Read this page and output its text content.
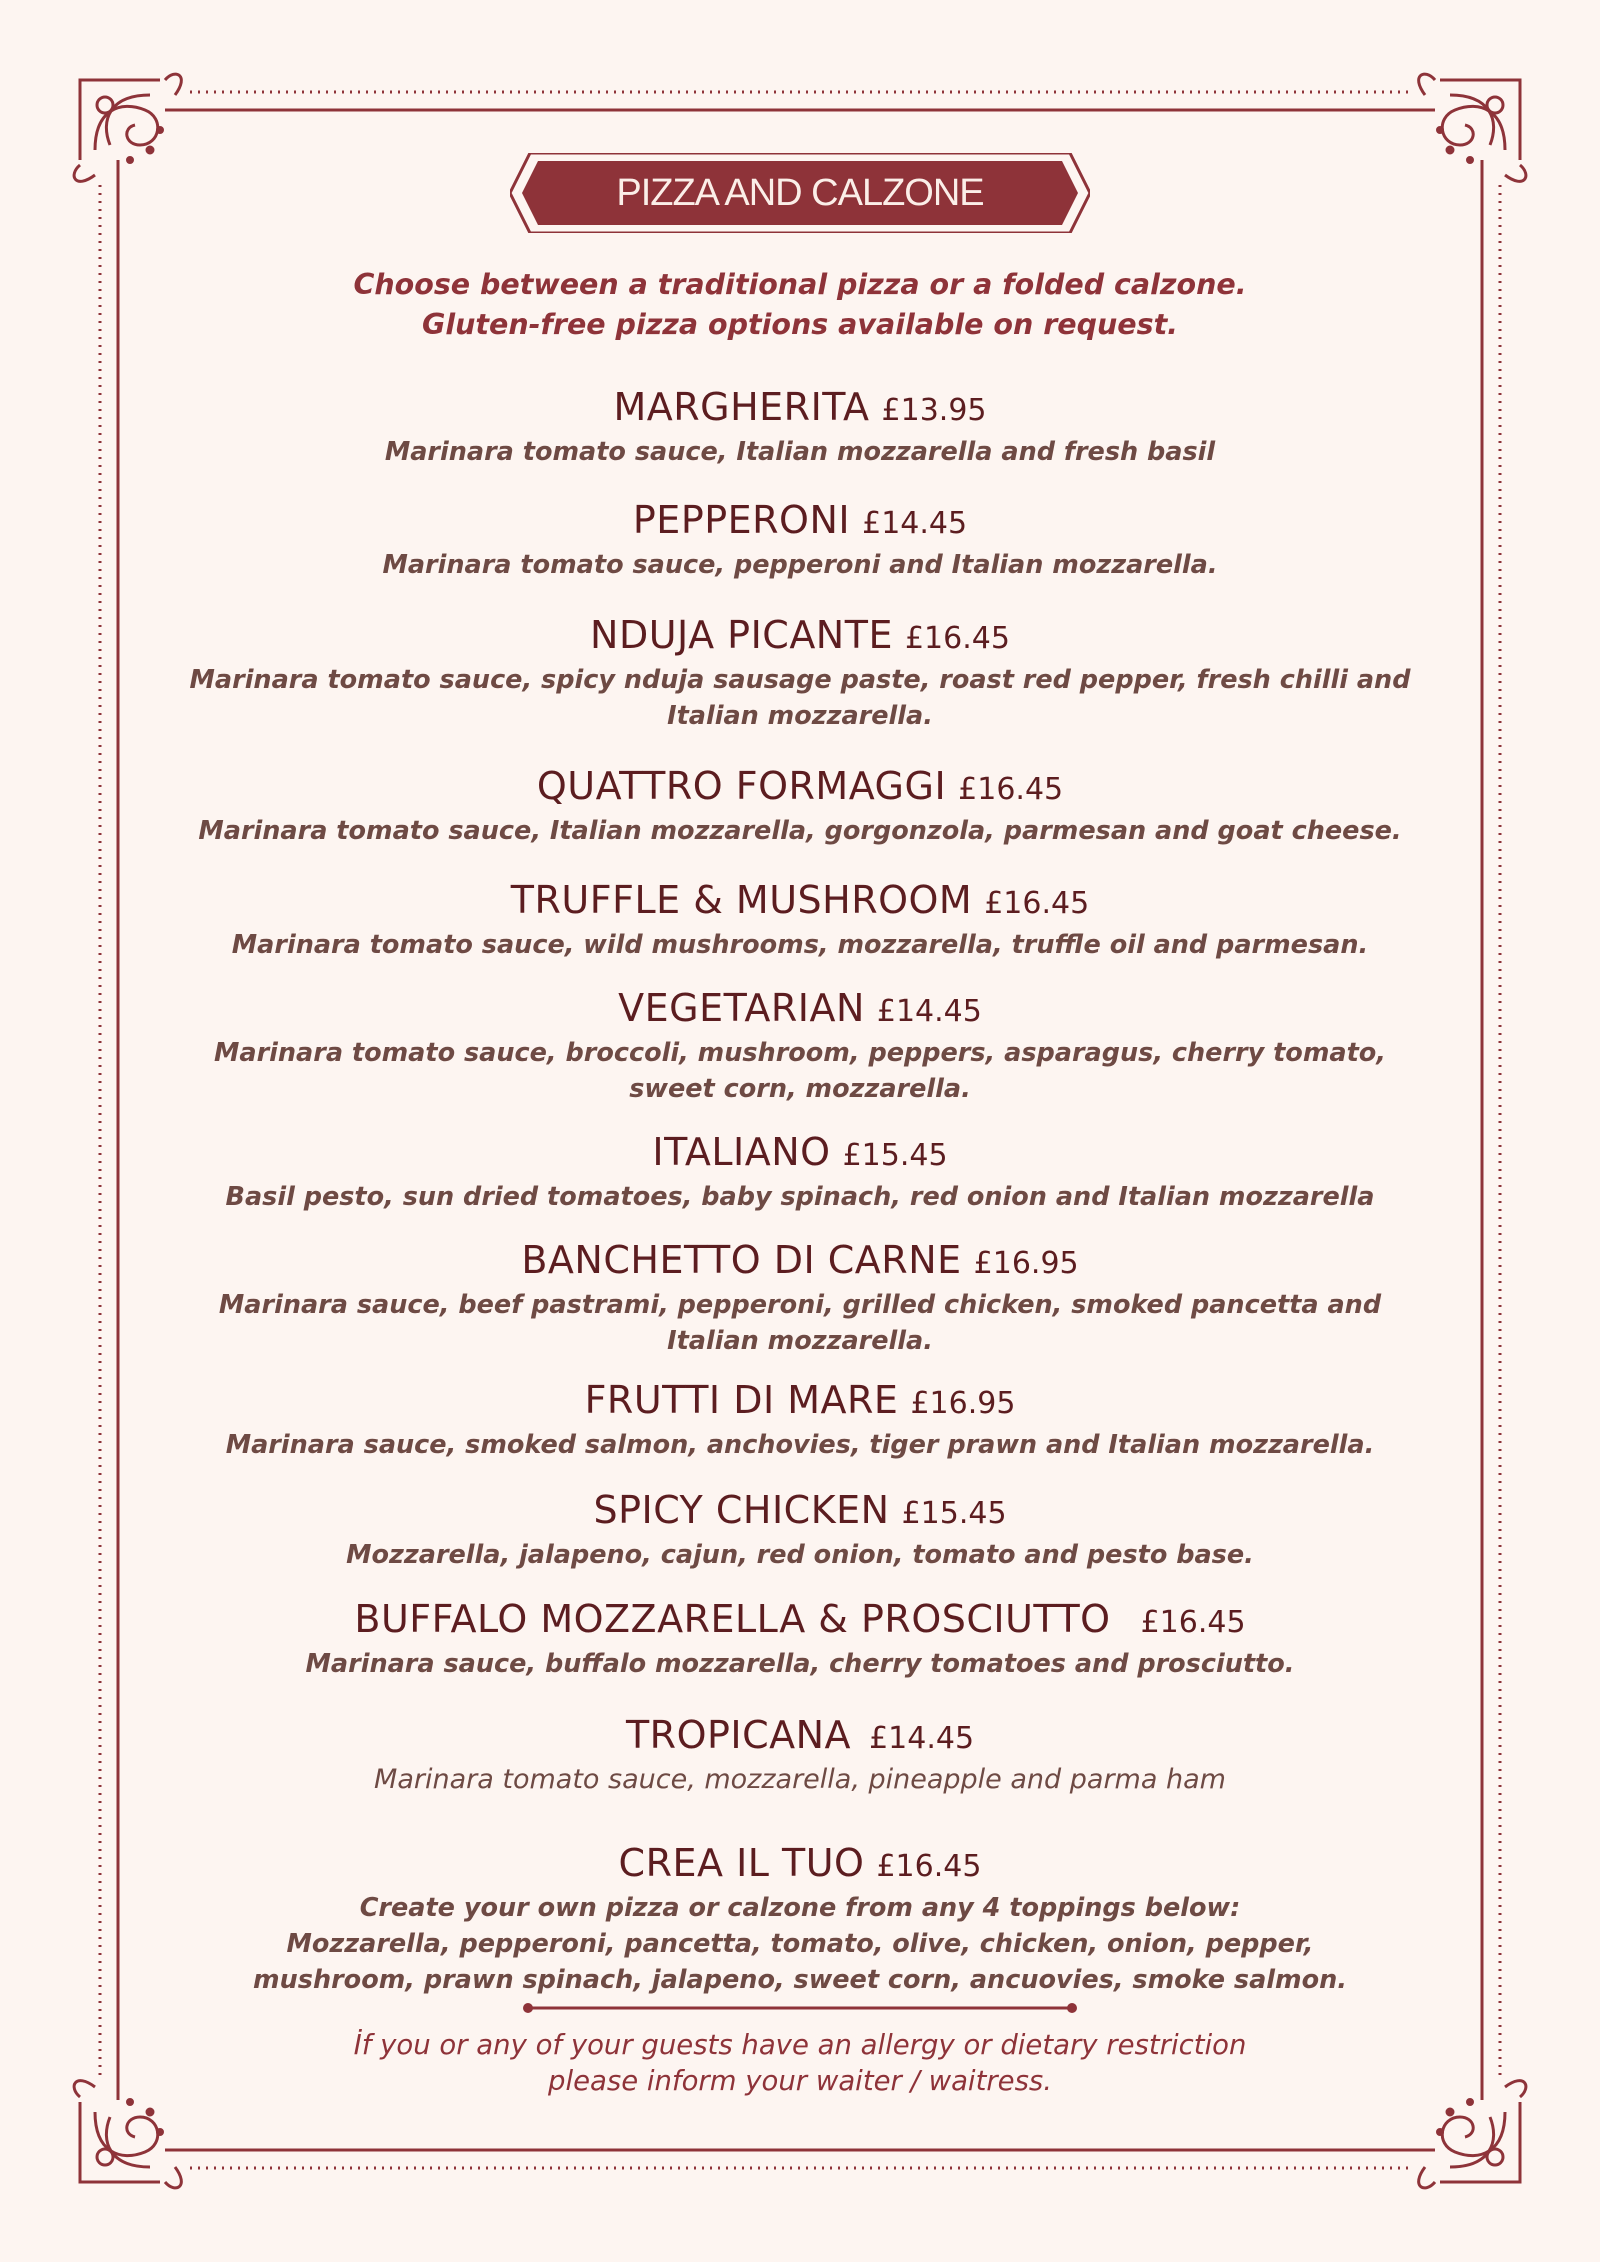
PIZZA AND CALZONE
Choose between a traditional pizza or a folded calzone.
Gluten-free pizza options available on request.
MARGHERITA £13.95
Marinara tomato sauce, Italian mozzarella and fresh basil
PEPPERONI £14.45
Marinara tomato sauce, pepperoni and Italian mozzarella.
NDUJA PICANTE £16.45
Marinara tomato sauce, spicy nduja sausage paste, roast red pepper, fresh chilli and
Italian mozzarella.
QUATTRO FORMAGGI £16.45
Marinara tomato sauce, Italian mozzarella, gorgonzola, parmesan and goat cheese.
TRUFFLE & MUSHROOM £16.45
Marinara tomato sauce, wild mushrooms, mozzarella, truffle oil and parmesan.
VEGETARIAN £14.45
Marinara tomato sauce, broccoli, mushroom, peppers, asparagus, cherry tomato,
sweet corn, mozzarella.
ITALIANO £15.45
Basil pesto, sun dried tomatoes, baby spinach, red onion and Italian mozzarella
BANCHETTO DI CARNE £16.95
Marinara sauce, beef pastrami, pepperoni, grilled chicken, smoked pancetta and
Italian mozzarella.
FRUTTI DI MARE £16.95
Marinara sauce, smoked salmon, anchovies, tiger prawn and Italian mozzarella.
SPICY CHICKEN £15.45
Mozzarella, jalapeno, cajun, red onion, tomato and pesto base.
BUFFALO MOZZARELLA & PROSCIUTTO £16.45
Marinara sauce, buffalo mozzarella, cherry tomatoes and prosciutto.
TROPICANA £14.45
Marinara tomato sauce, mozzarella, pineapple and parma ham
CREA IL TUO £16.45
Create your own pizza or calzone from any 4 toppings below:
Mozzarella, pepperoni, pancetta, tomato, olive, chicken, onion, pepper,
mushroom, prawn spinach, jalapeno, sweet corn, ancuovies, smoke salmon.
İf you or any of your guests have an allergy or dietary restriction
please inform your waiter / waitress.
